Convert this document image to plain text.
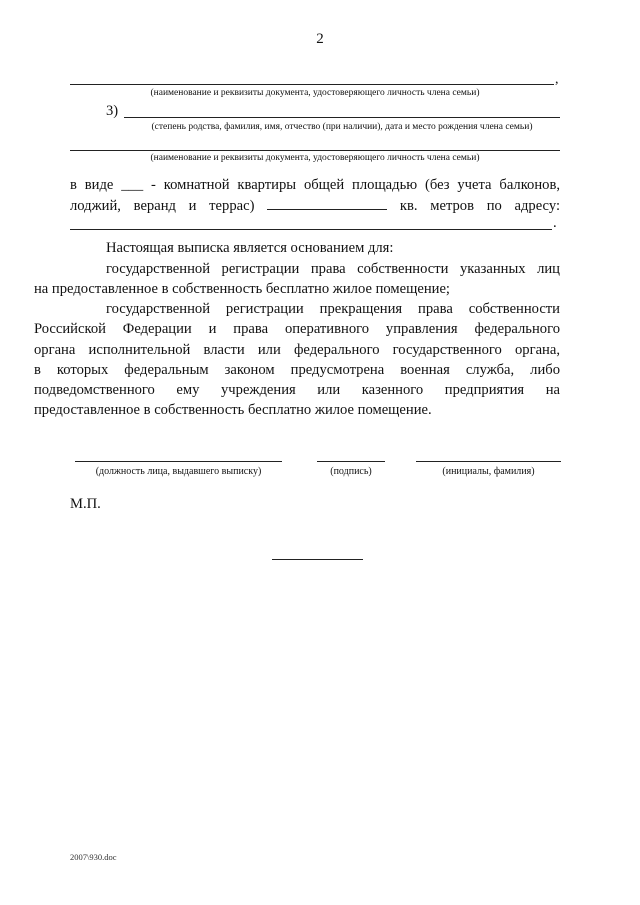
2
,
(наименование и реквизиты документа, удостоверяющего личность члена семьи)
3)
(степень родства, фамилия, имя, отчество (при наличии), дата и место рождения члена семьи)
(наименование и реквизиты документа, удостоверяющего личность члена семьи)
в виде ___ - комнатной квартиры общей площадью (без учета балконов,
лоджий, веранд и террас)	кв. метров по адресу:
.
Настоящая выписка является основанием для:
государственной регистрации права собственности указанных лиц
на предоставленное в собственность бесплатно жилое помещение;
государственной регистрации прекращения права собственности
Российской Федерации и права оперативного управления федерального
органа исполнительной власти или федерального государственного органа,
в которых федеральным законом предусмотрена военная служба, либо
подведомственного ему учреждения или казенного предприятия на
предоставленное в собственность бесплатно жилое помещение.
(должность лица, выдавшего выписку)	(подпись)	(инициалы, фамилия)
М.П.
2007\930.doc
